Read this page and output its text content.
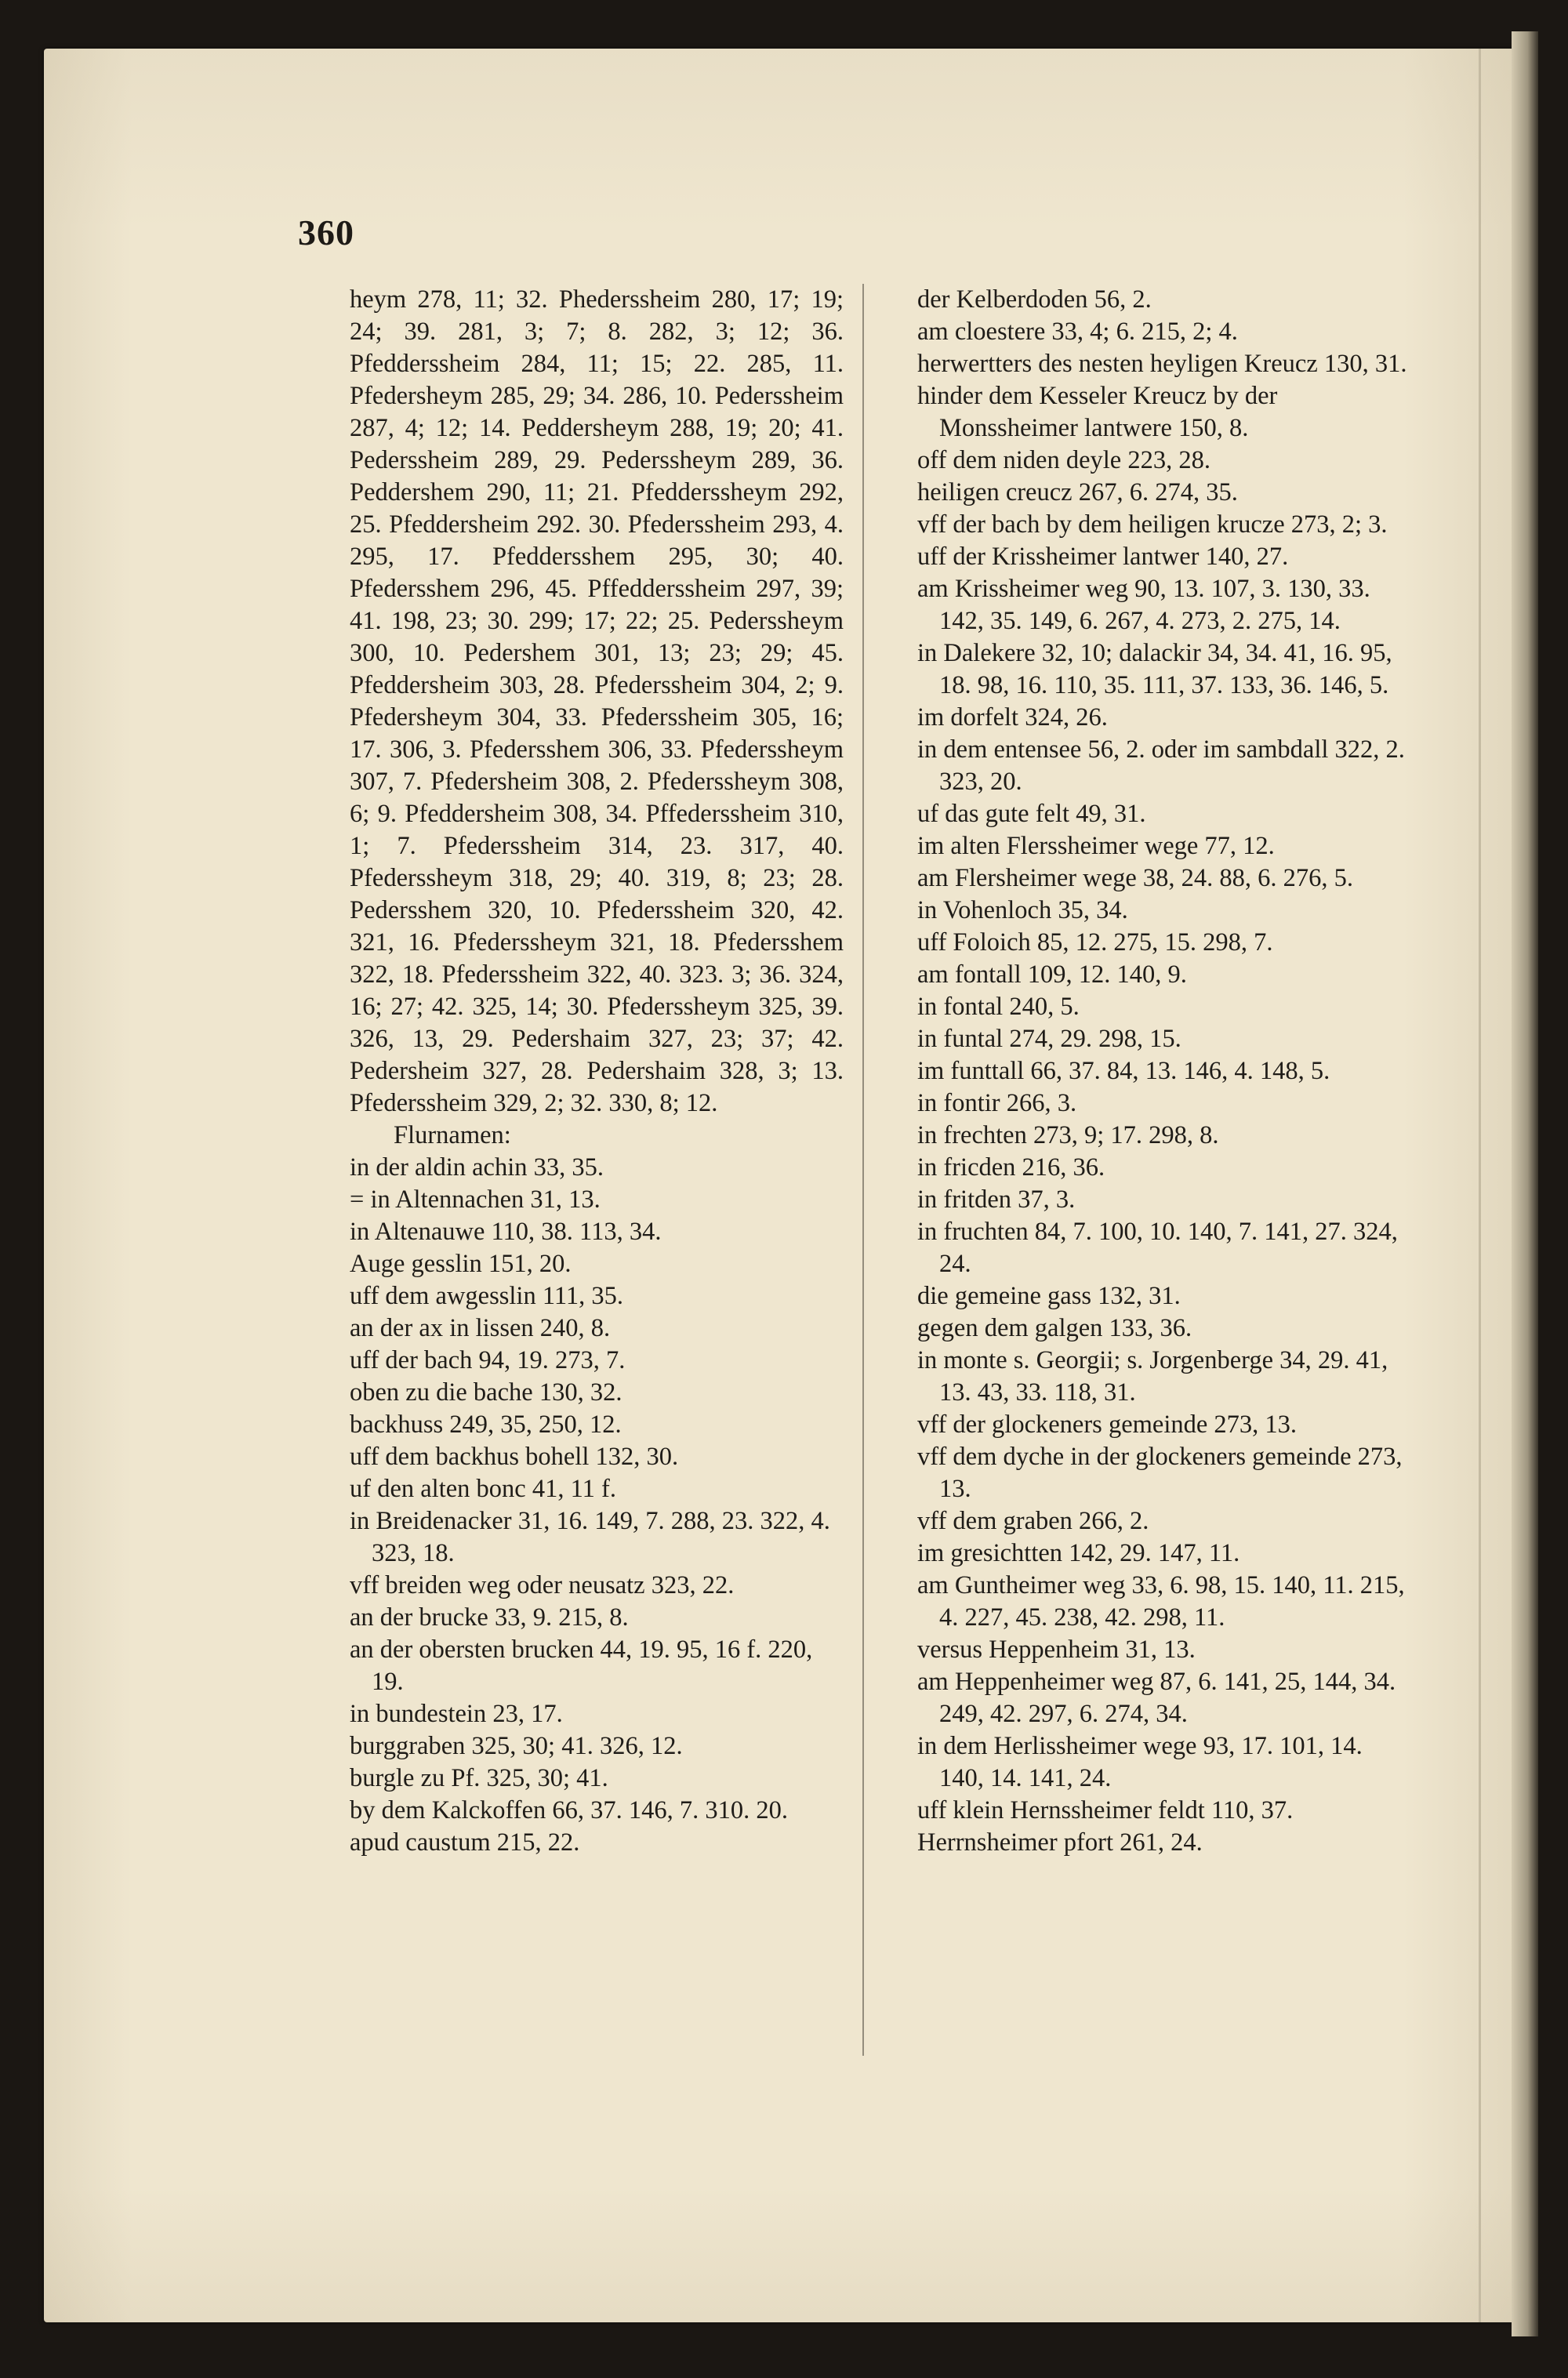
360

heym 278, 11; 32. Phederssheim 280, 17; 19; 24; 39. 281, 3; 7; 8. 282, 3; 12; 36. Pfedderssheim 284, 11; 15; 22. 285, 11. Pfedersheym 285, 29; 34. 286, 10. Pederssheim 287, 4; 12; 14. Peddersheym 288, 19; 20; 41. Pederssheim 289, 29. Pederssheym 289, 36. Peddershem 290, 11; 21. Pfedderssheym 292, 25. Pfeddersheim 292. 30. Pfederssheim 293, 4. 295, 17. Pfeddersshem 295, 30; 40. Pfedersshem 296, 45. Pffedderssheim 297, 39; 41. 198, 23; 30. 299; 17; 22; 25. Pederssheym 300, 10. Pedershem 301, 13; 23; 29; 45. Pfeddersheim 303, 28. Pfederssheim 304, 2; 9. Pfedersheym 304, 33. Pfederssheim 305, 16; 17. 306, 3. Pfedersshem 306, 33. Pfederssheym 307, 7. Pfedersheim 308, 2. Pfederssheym 308, 6; 9. Pfeddersheim 308, 34. Pffederssheim 310, 1; 7. Pfederssheim 314, 23. 317, 40. Pfederssheym 318, 29; 40. 319, 8; 23; 28. Pedersshem 320, 10. Pfederssheim 320, 42. 321, 16. Pfederssheym 321, 18. Pfedersshem 322, 18. Pfederssheim 322, 40. 323. 3; 36. 324, 16; 27; 42. 325, 14; 30. Pfederssheym 325, 39. 326, 13, 29. Pedershaim 327, 23; 37; 42. Pedersheim 327, 28. Pedershaim 328, 3; 13. Pfederssheim 329, 2; 32. 330, 8; 12.

Flurnamen:

in der aldin achin 33, 35.

= in Altennachen 31, 13.

in Altenauwe 110, 38. 113, 34.

Auge gesslin 151, 20.

uff dem awgesslin 111, 35.

an der ax in lissen 240, 8.

uff der bach 94, 19. 273, 7.

oben zu die bache 130, 32.

backhuss 249, 35, 250, 12.

uff dem backhus bohell 132, 30.

uf den alten bonc 41, 11 f.

in Breidenacker 31, 16. 149, 7. 288, 23. 322, 4. 323, 18.

vff breiden weg oder neusatz 323, 22.

an der brucke 33, 9. 215, 8.

an der obersten brucken 44, 19. 95, 16 f. 220, 19.

in bundestein 23, 17.

burggraben 325, 30; 41. 326, 12.

burgle zu Pf. 325, 30; 41.

by dem Kalckoffen 66, 37. 146, 7. 310. 20.

apud caustum 215, 22.

der Kelberdoden 56, 2.

am cloestere 33, 4; 6. 215, 2; 4.

herwertters des nesten heyligen Kreucz 130, 31.

hinder dem Kesseler Kreucz by der Monssheimer lantwere 150, 8.

off dem niden deyle 223, 28.

heiligen creucz 267, 6. 274, 35.

vff der bach by dem heiligen krucze 273, 2; 3.

uff der Krissheimer lantwer 140, 27.

am Krissheimer weg 90, 13. 107, 3. 130, 33. 142, 35. 149, 6. 267, 4. 273, 2. 275, 14.

in Dalekere 32, 10; dalackir 34, 34. 41, 16. 95, 18. 98, 16. 110, 35. 111, 37. 133, 36. 146, 5.

im dorfelt 324, 26.

in dem entensee 56, 2. oder im sambdall 322, 2. 323, 20.

uf das gute felt 49, 31.

im alten Flerssheimer wege 77, 12.

am Flersheimer wege 38, 24. 88, 6. 276, 5.

in Vohenloch 35, 34.

uff Foloich 85, 12. 275, 15. 298, 7.

am fontall 109, 12. 140, 9.

in fontal 240, 5.

in funtal 274, 29. 298, 15.

im funttall 66, 37. 84, 13. 146, 4. 148, 5.

in fontir 266, 3.

in frechten 273, 9; 17. 298, 8.

in fricden 216, 36.

in fritden 37, 3.

in fruchten 84, 7. 100, 10. 140, 7. 141, 27. 324, 24.

die gemeine gass 132, 31.

gegen dem galgen 133, 36.

in monte s. Georgii; s. Jorgenberge 34, 29. 41, 13. 43, 33. 118, 31.

vff der glockeners gemeinde 273, 13.

vff dem dyche in der glockeners gemeinde 273, 13.

vff dem graben 266, 2.

im gresichtten 142, 29. 147, 11.

am Guntheimer weg 33, 6. 98, 15. 140, 11. 215, 4. 227, 45. 238, 42. 298, 11.

versus Heppenheim 31, 13.

am Heppenheimer weg 87, 6. 141, 25, 144, 34. 249, 42. 297, 6. 274, 34.

in dem Herlissheimer wege 93, 17. 101, 14. 140, 14. 141, 24.

uff klein Hernssheimer feldt 110, 37.

Herrnsheimer pfort 261, 24.
